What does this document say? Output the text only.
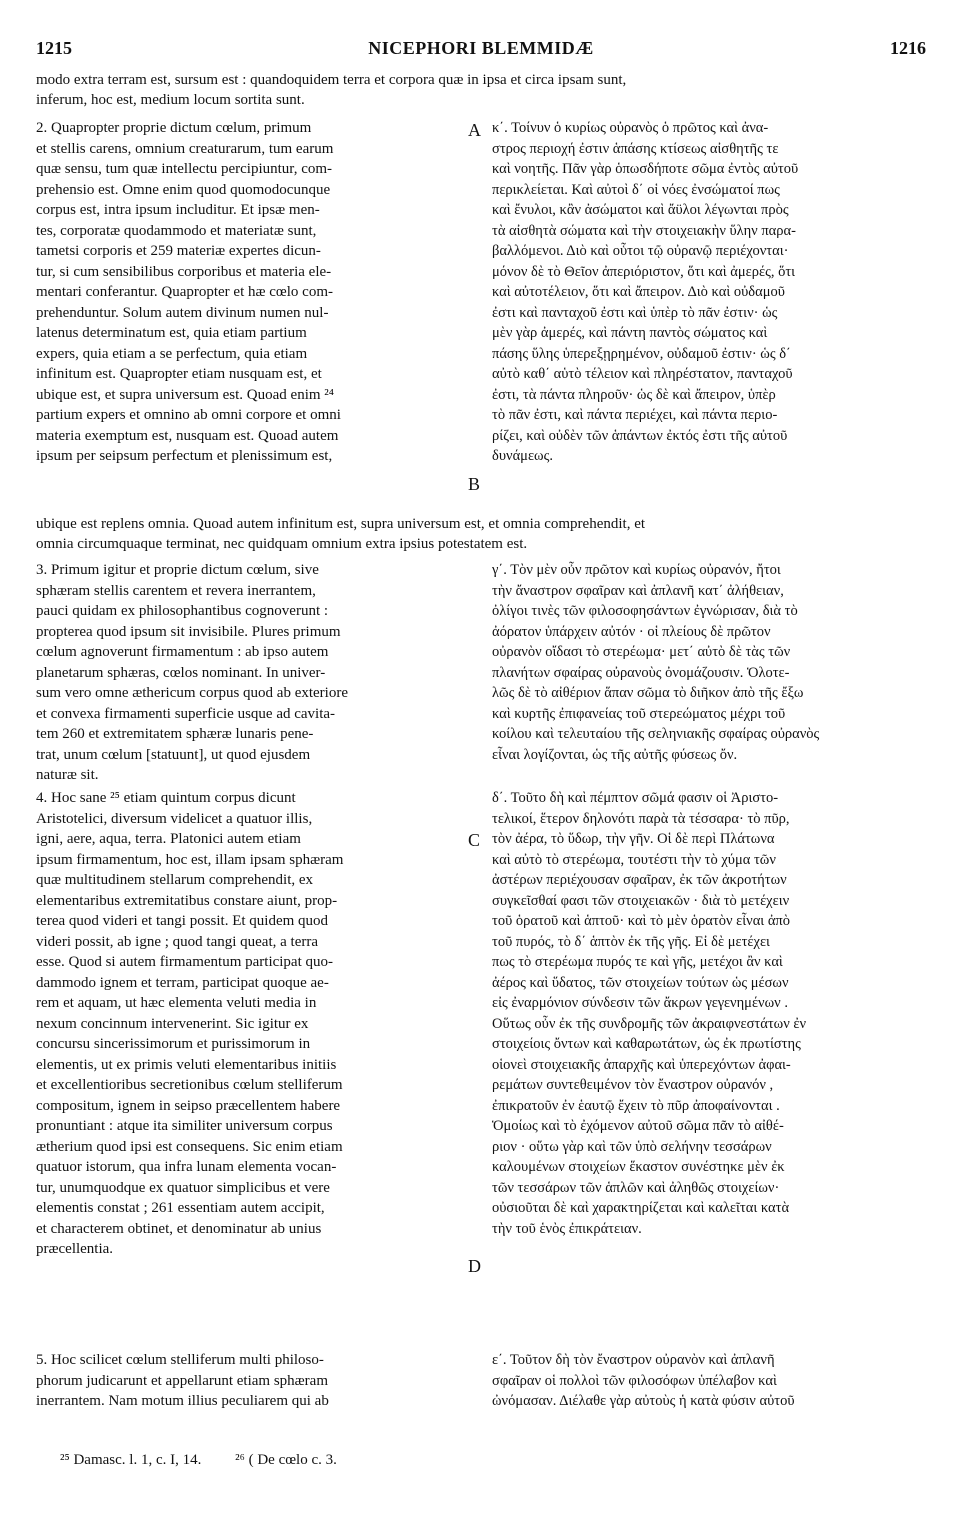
1215	NICEPHORI BLEMMIDÆ	1216
modo extra terram est, sursum est : quandoquidem terra et corpora quæ in ipsa et circa ipsam sunt,
inferum, hoc est, medium locum sortita sunt.
2. Quapropter proprie dictum cœlum, primum
et stellis carens, omnium creaturarum, tum earum
quæ sensu, tum quæ intellectu percipiuntur, com-
prehensio est. Omne enim quod quomodocunque
corpus est, intra ipsum includitur. Et ipsæ men-
tes, corporatæ quodammodo et materiatæ sunt,
tametsi corporis et 259 materiæ expertes dicun-
tur, si cum sensibilibus corporibus et materia ele-
mentari conferantur. Quapropter et hæ cœlo com-
prehenduntur. Solum autem divinum numen nul-
latenus determinatum est, quia etiam partium
expers, quia etiam a se perfectum, quia etiam
infinitum est. Quapropter etiam nusquam est, et
ubique est, et supra universum est. Quoad enim ²⁴
partium expers et omnino ab omni corpore et omni
materia exemptum est, nusquam est. Quoad autem
ipsum per seipsum perfectum et plenissimum est,
κ΄. Τοίνυν ὁ κυρίως οὐρανὸς ὁ πρῶτος καὶ ἀνα-
στρος περιοχή ἐστιν ἁπάσης κτίσεως αἰσθητῆς τε
καὶ νοητῆς. Πᾶν γὰρ ὁπωσδήποτε σῶμα ἐντὸς αὐτοῦ
περικλείεται. Καὶ αὐτοὶ δ΄ οἱ νόες ἐνσώματοί πως
καὶ ἔνυλοι, κἂν ἀσώματοι καὶ ἄϋλοι λέγωνται πρὸς
τὰ αἰσθητὰ σώματα καὶ τὴν στοιχειακὴν ὕλην παρα-
βαλλόμενοι. Διὸ καὶ οὗτοι τῷ οὐρανῷ περιέχονται·
μόνον δὲ τὸ Θεῖον ἀπεριόριστον, ὅτι καὶ ἀμερές, ὅτι
καὶ αὐτοτέλειον, ὅτι καὶ ἄπειρον. Διὸ καὶ οὐδαμοῦ
ἐστι καὶ πανταχοῦ ἐστι καὶ ὑπὲρ τὸ πᾶν ἐστιν· ὡς
μὲν γὰρ ἀμερές, καὶ πάντη παντὸς σώματος καὶ
πάσης ὕλης ὑπερεξῃρημένον, οὐδαμοῦ ἐστιν· ὡς δ΄
αὐτὸ καθ΄ αὑτὸ τέλειον καὶ πληρέστατον, πανταχοῦ
ἐστι, τὰ πάντα πληροῦν· ὡς δὲ καὶ ἄπειρον, ὑπὲρ
τὸ πᾶν ἐστι, καὶ πάντα περιέχει, καὶ πάντα περιο-
ρίζει, καὶ οὐδὲν τῶν ἁπάντων ἐκτός ἐστι τῆς αὐτοῦ
δυνάμεως.
A
B
ubique est replens omnia. Quoad autem infinitum est, supra universum est, et omnia comprehendit, et
omnia circumquaque terminat, nec quidquam omnium extra ipsius potestatem est.
3. Primum igitur et proprie dictum cœlum, sive
sphæram stellis carentem et revera inerrantem,
pauci quidam ex philosophantibus cognoverunt :
propterea quod ipsum sit invisibile. Plures primum
cœlum agnoverunt firmamentum : ab ipso autem
planetarum sphæras, cœlos nominant. In univer-
sum vero omne æthericum corpus quod ab exteriore
et convexa firmamenti superficie usque ad cavita-
tem 260 et extremitatem sphæræ lunaris pene-
trat, unum cœlum [statuunt], ut quod ejusdem
naturæ sit.
γ΄. Τὸν μὲν οὖν πρῶτον καὶ κυρίως οὐρανόν, ἤτοι
τὴν ἄναστρον σφαῖραν καὶ ἀπλανῆ κατ΄ ἀλήθειαν,
ὀλίγοι τινὲς τῶν φιλοσοφησάντων ἐγνώρισαν, διὰ τὸ
ἀόρατον ὑπάρχειν αὐτόν · οἱ πλείους δὲ πρῶτον
οὐρανὸν οἴδασι τὸ στερέωμα· μετ΄ αὐτὸ δὲ τὰς τῶν
πλανήτων σφαίρας οὐρανοὺς ὀνομάζουσιν. Ὁλοτε-
λῶς δὲ τὸ αἰθέριον ἅπαν σῶμα τὸ διῆκον ἀπὸ τῆς ἔξω
καὶ κυρτῆς ἐπιφανείας τοῦ στερεώματος μέχρι τοῦ
κοίλου καὶ τελευταίου τῆς σεληνιακῆς σφαίρας οὐρανὸς
εἶναι λογίζονται, ὡς τῆς αὐτῆς φύσεως ὄν.
4. Hoc sane ²⁵ etiam quintum corpus dicunt
Aristotelici, diversum videlicet a quatuor illis,
igni, aere, aqua, terra. Platonici autem etiam
ipsum firmamentum, hoc est, illam ipsam sphæram
quæ multitudinem stellarum comprehendit, ex
elementaribus extremitatibus constare aiunt, prop-
terea quod videri et tangi possit. Et quidem quod
videri possit, ab igne ; quod tangi queat, a terra
esse. Quod si autem firmamentum participat quo-
dammodo ignem et terram, participat quoque ae-
rem et aquam, ut hæc elementa veluti media in
nexum concinnum intervenerint. Sic igitur ex
concursu sincerissimorum et purissimorum in
elementis, ut ex primis veluti elementaribus initiis
et excellentioribus secretionibus cœlum stelliferum
compositum, ignem in seipso præcellentem habere
pronuntiant : atque ita similiter universum corpus
ætherium quod ipsi est consequens. Sic enim etiam
quatuor istorum, qua infra lunam elementa vocan-
tur, unumquodque ex quatuor simplicibus et vere
elementis constat ; 261 essentiam autem accipit,
et characterem obtinet, et denominatur ab unius
præcellentia.
δ΄. Τοῦτο δὴ καὶ πέμπτον σῶμά φασιν οἱ Ἀριστο-
τελικοί, ἕτερον δηλονότι παρὰ τὰ τέσσαρα· τὸ πῦρ,
τὸν ἀέρα, τὸ ὕδωρ, τὴν γῆν. Οἱ δὲ περὶ Πλάτωνα
καὶ αὐτὸ τὸ στερέωμα, τουτέστι τὴν τὸ χύμα τῶν
ἀστέρων περιέχουσαν σφαῖραν, ἐκ τῶν ἀκροτήτων
συγκεῖσθαί φασι τῶν στοιχειακῶν · διὰ τὸ μετέχειν
τοῦ ὁρατοῦ καὶ ἁπτοῦ· καὶ τὸ μὲν ὁρατὸν εἶναι ἀπὸ
τοῦ πυρός, τὸ δ΄ ἁπτὸν ἐκ τῆς γῆς. Εἰ δὲ μετέχει
πως τὸ στερέωμα πυρός τε καὶ γῆς, μετέχοι ἂν καὶ
ἀέρος καὶ ὕδατος, τῶν στοιχείων τούτων ὡς μέσων
εἰς ἐναρμόνιον σύνδεσιν τῶν ἄκρων γεγενημένων .
Οὕτως οὖν ἐκ τῆς συνδρομῆς τῶν ἀκραιφνεστάτων ἐν
στοιχείοις ὄντων καὶ καθαρωτάτων, ὡς ἐκ πρωτίστης
οἱονεὶ στοιχειακῆς ἀπαρχῆς καὶ ὑπερεχόντων ἀφαι-
ρεμάτων συντεθειμένον τὸν ἔναστρον οὐρανόν ,
ἐπικρατοῦν ἐν ἑαυτῷ ἔχειν τὸ πῦρ ἀποφαίνονται .
Ὁμοίως καὶ τὸ ἐχόμενον αὐτοῦ σῶμα πᾶν τὸ αἰθέ-
ριον · οὕτω γὰρ καὶ τῶν ὑπὸ σελήνην τεσσάρων
καλουμένων στοιχείων ἕκαστον συνέστηκε μὲν ἐκ
τῶν τεσσάρων τῶν ἁπλῶν καὶ ἀληθῶς στοιχείων·
οὐσιοῦται δὲ καὶ χαρακτηρίζεται καὶ καλεῖται κατὰ
τὴν τοῦ ἑνὸς ἐπικράτειαν.
C
D
5. Hoc scilicet cœlum stelliferum multi philoso-
phorum judicarunt et appellarunt etiam sphæram
inerrantem. Nam motum illius peculiarem qui ab
ε΄. Τοῦτον δὴ τὸν ἔναστρον οὐρανὸν καὶ ἀπλανῆ
σφαῖραν οἱ πολλοὶ τῶν φιλοσόφων ὑπέλαβον καὶ
ὠνόμασαν. Διέλαθε γὰρ αὐτοὺς ἡ κατὰ φύσιν αὐτοῦ
²⁵ Damasc. l. 1, c. I, 14. ²⁶ ( De cœlo c. 3.
